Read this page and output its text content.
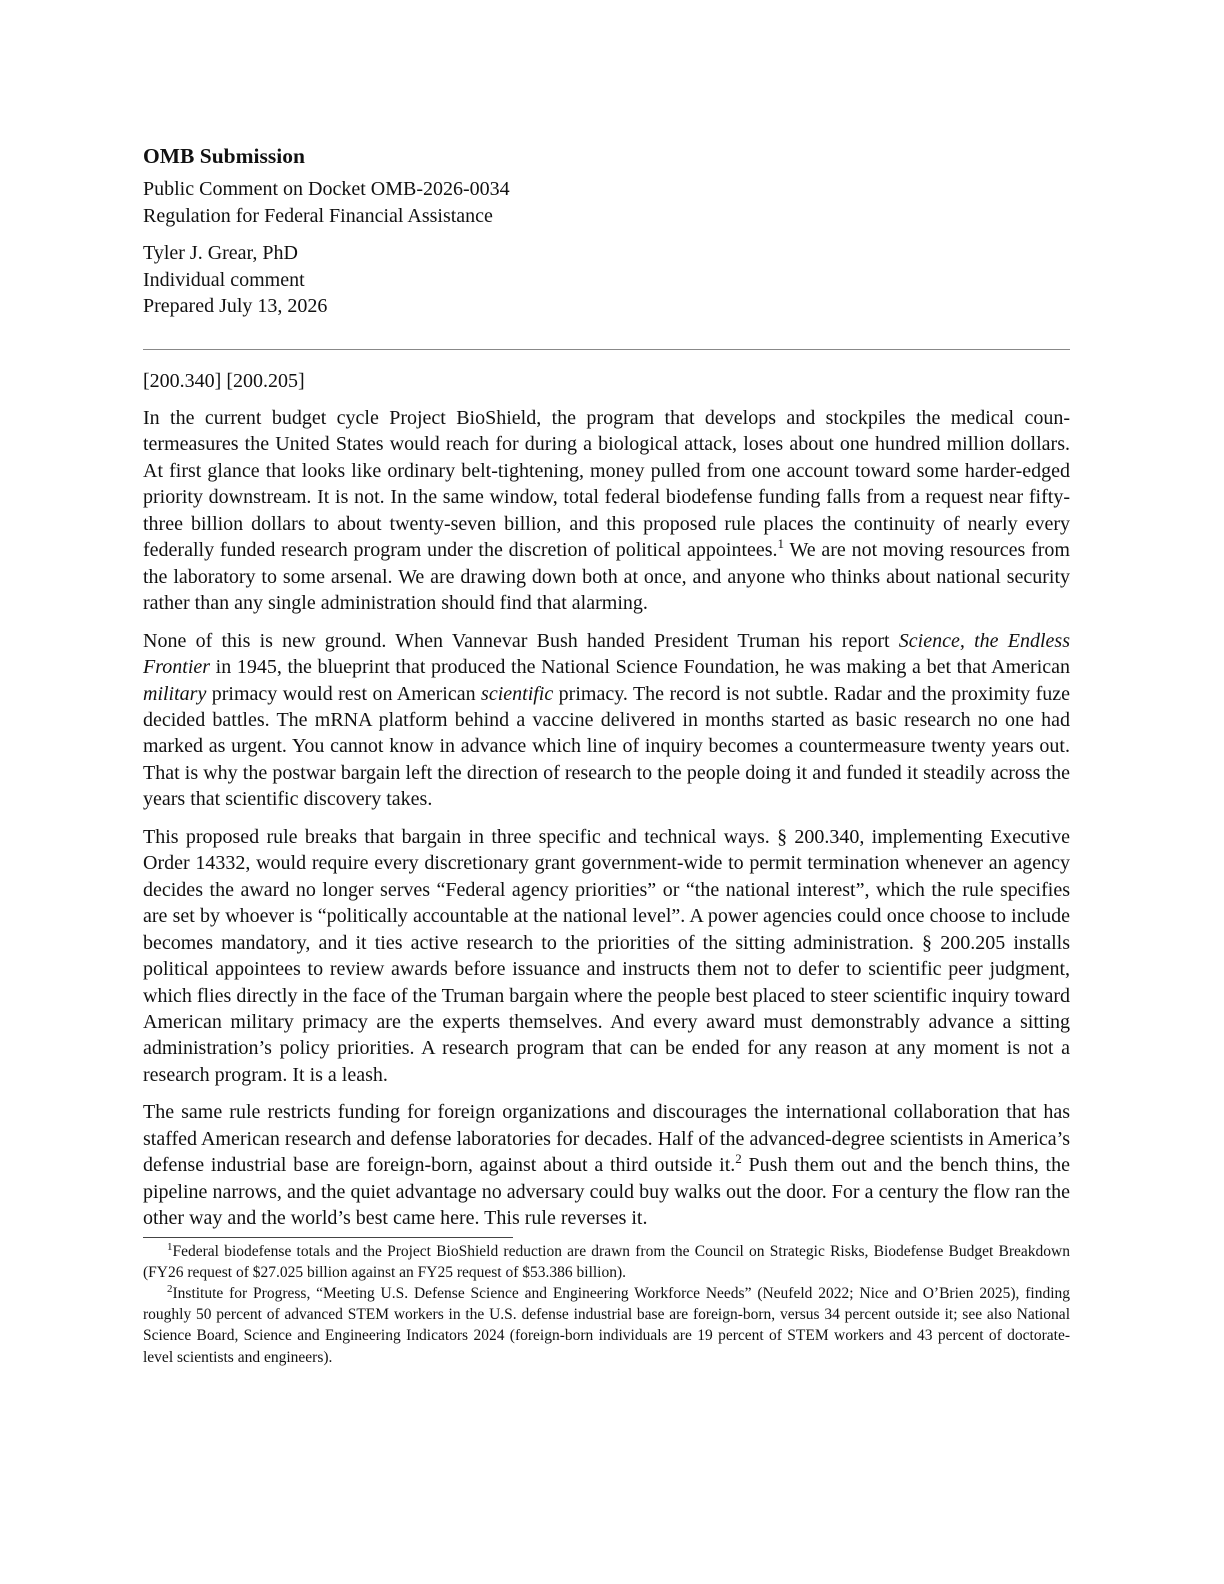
OMB Submission

Public Comment on Docket OMB-2026-0034

Regulation for Federal Financial Assistance

Tyler J. Grear, PhD

Individual comment

Prepared July 13, 2026

[200.340] [200.205]

In the current budget cycle Project BioShield, the program that develops and stockpiles the medical countermeasures the United States would reach for during a biological attack, loses about one hundred million dollars. At first glance that looks like ordinary belt-tightening, money pulled from one account toward some harder-edged priority downstream. It is not. In the same window, total federal biodefense funding falls from a request near fifty-three billion dollars to about twenty-seven billion, and this proposed rule places the continuity of nearly every federally funded research program under the discretion of political appointees.$^1$ We are not moving resources from the laboratory to some arsenal. We are drawing down both at once, and anyone who thinks about national security rather than any single administration should find that alarming.

None of this is new ground. When Vannevar Bush handed President Truman his report Science, the Endless Frontier in 1945, the blueprint that produced the National Science Foundation, he was making a bet that American military primacy would rest on American scientific primacy. The record is not subtle. Radar and the proximity fuze decided battles. The mRNA platform behind a vaccine delivered in months started as basic research no one had marked as urgent. You cannot know in advance which line of inquiry becomes a countermeasure twenty years out. That is why the postwar bargain left the direction of research to the people doing it and funded it steadily across the years that scientific discovery takes.

This proposed rule breaks that bargain in three specific and technical ways. § 200.340, implementing Executive Order 14332, would require every discretionary grant government-wide to permit termination whenever an agency decides the award no longer serves “Federal agency priorities” or “the national interest”, which the rule specifies are set by whoever is “politically accountable at the national level”. A power agencies could once choose to include becomes mandatory, and it ties active research to the priorities of the sitting administration. § 200.205 installs political appointees to review awards before issuance and instructs them not to defer to scientific peer judgment, which flies directly in the face of the Truman bargain where the people best placed to steer scientific inquiry toward American military primacy are the experts themselves. And every award must demonstrably advance a sitting administration’s policy priorities. A research program that can be ended for any reason at any moment is not a research program. It is a leash.

The same rule restricts funding for foreign organizations and discourages the international collaboration that has staffed American research and defense laboratories for decades. Half of the advanced-degree scientists in America’s defense industrial base are foreign-born, against about a third outside it.$^2$ Push them out and the bench thins, the pipeline narrows, and the quiet advantage no adversary could buy walks out the door. For a century the flow ran the other way and the world’s best came here. This rule reverses it.

$^1$Federal biodefense totals and the Project BioShield reduction are drawn from the Council on Strategic Risks, Biodefense Budget Breakdown (FY26 request of $27.025 billion against an FY25 request of $53.386 billion).

$^2$Institute for Progress, “Meeting U.S. Defense Science and Engineering Workforce Needs” (Neufeld 2022; Nice and O’Brien 2025), finding roughly 50 percent of advanced STEM workers in the U.S. defense industrial base are foreign-born, versus 34 percent outside it; see also National Science Board, Science and Engineering Indicators 2024 (foreign-born individuals are 19 percent of STEM workers and 43 percent of doctorate-level scientists and engineers).
